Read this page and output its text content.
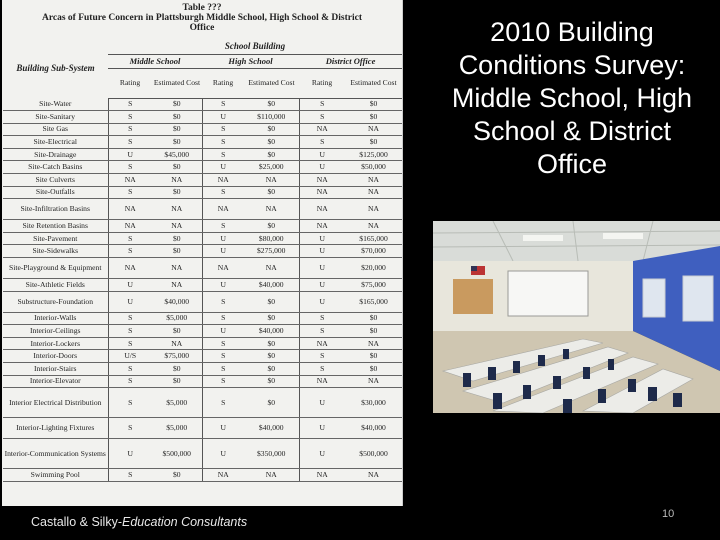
Table ???
Arcas of Future Concern in Plattsburgh Middle School, High School & District
Office
Building Sub-System	School Building					
	Middle School		High School		District Office	
	Rating	Estimated Cost	Rating	Estimated Cost	Rating	Estimated Cost
Site-Water	S	$0	S	$0	S	$0
Site-Sanitary	S	$0	U	$110,000	S	$0
Site Gas	S	$0	S	$0	NA	NA
Site-Electrical	S	$0	S	$0	S	$0
Site-Drainage	U	$45,000	S	$0	U	$125,000
Site-Catch Basins	S	$0	U	$25,000	U	$50,000
Site Culverts	NA	NA	NA	NA	NA	NA
Site-Outfalls	S	$0	S	$0	NA	NA
Site-Infiltration Basins	NA	NA	NA	NA	NA	NA
Site Retention Basins	NA	NA	S	$0	NA	NA
Site-Pavement	S	$0	U	$80,000	U	$165,000
Site-Sidewalks	S	$0	U	$275,000	U	$70,000
Site-Playground & Equipment	NA	NA	NA	NA	U	$20,000
Site-Athletic Fields	U	NA	U	$40,000	U	$75,000
Substructure-Foundation	U	$40,000	S	$0	U	$165,000
Interior-Walls	S	$5,000	S	$0	S	$0
Interior-Ceilings	S	$0	U	$40,000	S	$0
Interior-Lockers	S	NA	S	$0	NA	NA
Interior-Doors	U/S	$75,000	S	$0	S	$0
Interior-Stairs	S	$0	S	$0	S	$0
Interior-Elevator	S	$0	S	$0	NA	NA
Interior Electrical Distribution	S	$5,000	S	$0	U	$30,000
Interior-Lighting Fixtures	S	$5,000	U	$40,000	U	$40,000
Interior-Communication Systems	U	$500,000	U	$350,000	U	$500,000
Swimming Pool	S	$0	NA	NA	NA	NA
2010 Building Conditions Survey: Middle School, High School & District Office
Castallo & Silky-Education Consultants
10
